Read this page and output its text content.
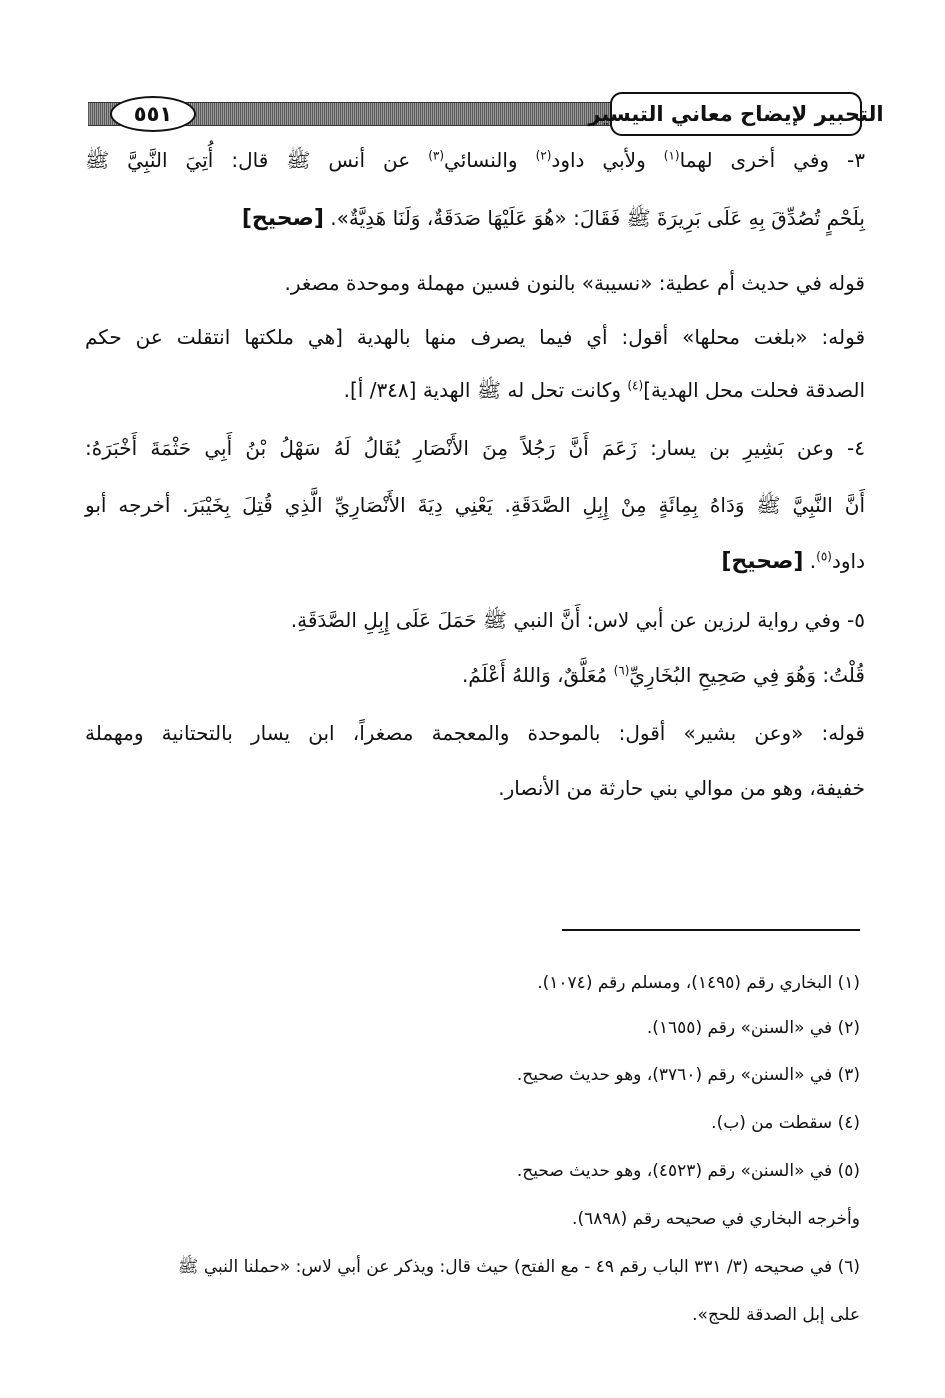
التحبير لإيضاح معاني التيسير
٥٥١
٣- وفي أخرى لهما$^{(١)}$ ولأبي داود$^{(٢)}$ والنسائي$^{(٣)}$ عن أنس ﷺ قال: أُتِيَ النَّبِيَّ ﷺ
بِلَحْمٍ تُصُدِّقَ بِهِ عَلَى بَرِيرَةَ ﷺ فَقَالَ: «هُوَ عَلَيْهَا صَدَقَةٌ، وَلَنَا هَدِيَّةٌ». [صحيح]
قوله في حديث أم عطية: «نسيبة» بالنون فسين مهملة وموحدة مصغر.
قوله: «بلغت محلها» أقول: أي فيما يصرف منها بالهدية [هي ملكتها انتقلت عن حكم
الصدقة فحلت محل الهدية]$^{(٤)}$ وكانت تحل له ﷺ الهدية [٣٤٨/ أ].
٤- وعن بَشِيرِ بن يسار: زَعَمَ أَنَّ رَجُلاً مِنَ الأَنْصَارِ يُقَالُ لَهُ سَهْلُ بْنُ أَبِي حَثْمَةَ أَخْبَرَهُ:
أَنَّ النَّبِيَّ ﷺ وَدَاهُ بِمِائَةٍ مِنْ إِبِلِ الصَّدَقَةِ. يَعْنِي دِيَةَ الأَنْصَارِيِّ الَّذِي قُتِلَ بِخَيْبَرَ. أخرجه أبو
داود$^{(٥)}$. [صحيح]
٥- وفي رواية لرزين عن أبي لاس: أَنَّ النبي ﷺ حَمَلَ عَلَى إِبِلِ الصَّدَقَةِ.
قُلْتُ: وَهُوَ فِي صَحِيحِ البُخَارِيِّ$^{(٦)}$ مُعَلَّقٌ، وَاللهُ أَعْلَمُ.
قوله: «وعن بشير» أقول: بالموحدة والمعجمة مصغراً، ابن يسار بالتحتانية ومهملة
خفيفة، وهو من موالي بني حارثة من الأنصار.
(١) البخاري رقم (١٤٩٥)، ومسلم رقم (١٠٧٤).
(٢) في «السنن» رقم (١٦٥٥).
(٣) في «السنن» رقم (٣٧٦٠)، وهو حديث صحيح.
(٤) سقطت من (ب).
(٥) في «السنن» رقم (٤٥٢٣)، وهو حديث صحيح.
وأخرجه البخاري في صحيحه رقم (٦٨٩٨).
(٦) في صحيحه (٣/ ٣٣١ الباب رقم ٤٩ - مع الفتح) حيث قال: ويذكر عن أبي لاس: «حملنا النبي ﷺ
على إبل الصدقة للحج».
